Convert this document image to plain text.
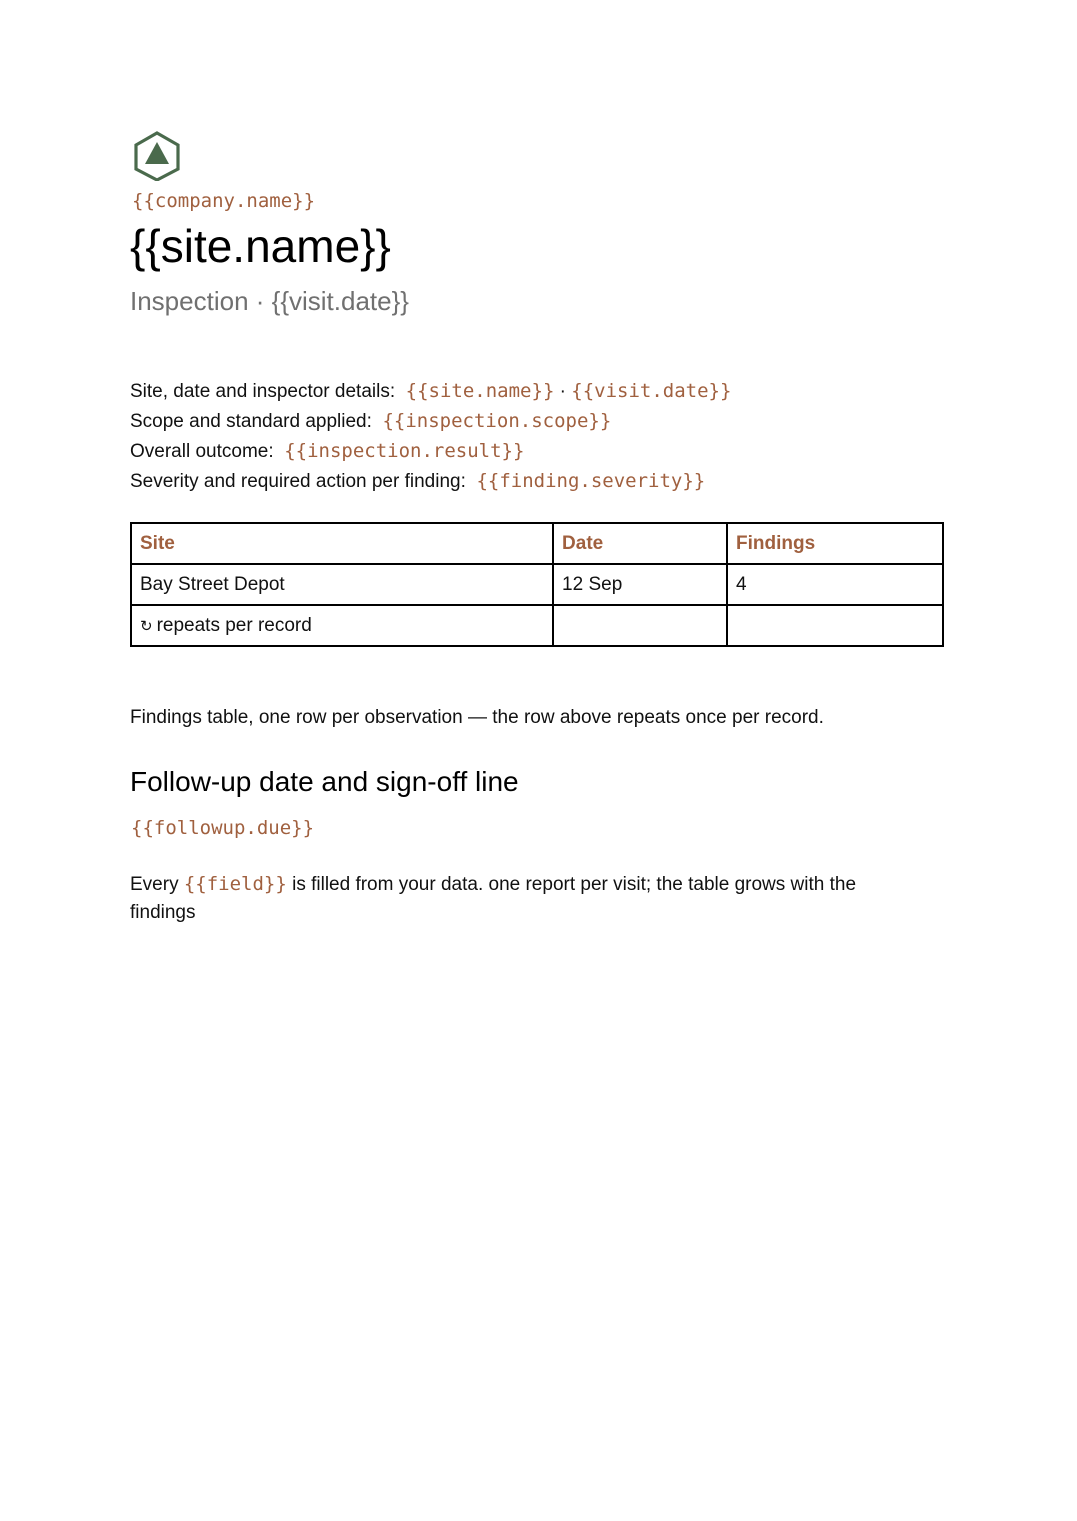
{{company.name}}
{{site.name}}
Inspection · {{visit.date}}
Site, date and inspector details: {{site.name}} · {{visit.date}}
Scope and standard applied: {{inspection.scope}}
Overall outcome: {{inspection.result}}
Severity and required action per finding: {{finding.severity}}
Site	Date	Findings
Bay Street Depot	12 Sep	4
↻ repeats per record		
Findings table, one row per observation — the row above repeats once per record.
Follow-up date and sign-off line
{{followup.due}}
Every {{field}} is filled from your data. one report per visit; the table grows with the findings
